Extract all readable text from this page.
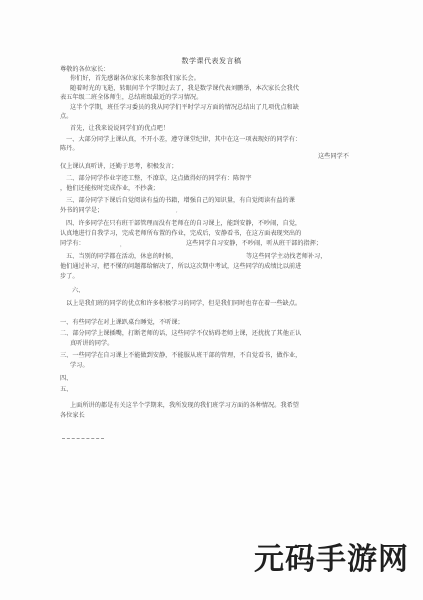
数学课代表发言稿
尊敬的各位家长：
你们好，首先感谢各位家长来参加我们家长会。
随着时光的飞逝，转眼间半个学期过去了，我是数学课代表刘鹏举，本次家长会我代
表五年级二班全体师生，总结班级最近的学习情况。
这半个学期，班任学习委员的我从同学们平时学习方面的情况总结出了几项优点和缺
点。
首先，让我来说说同学们的优点吧！
一、大部分同学上课认真，不开小差，遵守课堂纪律，其中在这一项表现好的同学有：
陈丹。
这些同学不
仅上课认真听讲，还勤于思考，积极发言；
二、部分同学作业字迹工整，不潦草，这点做得好的同学有：陈智宇
，他们还能按时完成作业，不抄袭；
三、部分同学下课后自觉阅读有益的书籍，增强自己的知识量，有自觉阅读有益的课
外书的同学是；	,
四、许多同学在只有班干部管理而没有老师在的自习课上，能到安静，不吵闹，自觉，
认真地进行自我学习，完成老师所布置的作业，完成后，安静看书，在这方面表现突出的
同学有：	，	这些同学自习安静，不吵闹，听从班干部的指挥；
五、当别的同学都在活动，休息的时候，	等这些同学主动找老师补习，
他们通过补习，把不懂的问题都给解决了，所以这次期中考试，这些同学的成绩比以前进
步了。
六、
以上是我们班的同学的优点和许多积极学习的同学，但是我们同时也存在着一些缺点。
一、有些同学在对上课趴桌台睡觉，不听课；
二、部分同学上课插嘴，打断老师的话，这些同学不仅妨碍老师上课，还扰扰了其他正认
真听讲的同学。
三、一些同学在自习课上不能做到安静，不能服从班干部的管理，不自觉看书，做作业，
学习。
四、
五、
上面所讲的都是有关这半个学期来，我所发现的我们班学习方面的各种情况。我希望
各位家长
元码手游网
